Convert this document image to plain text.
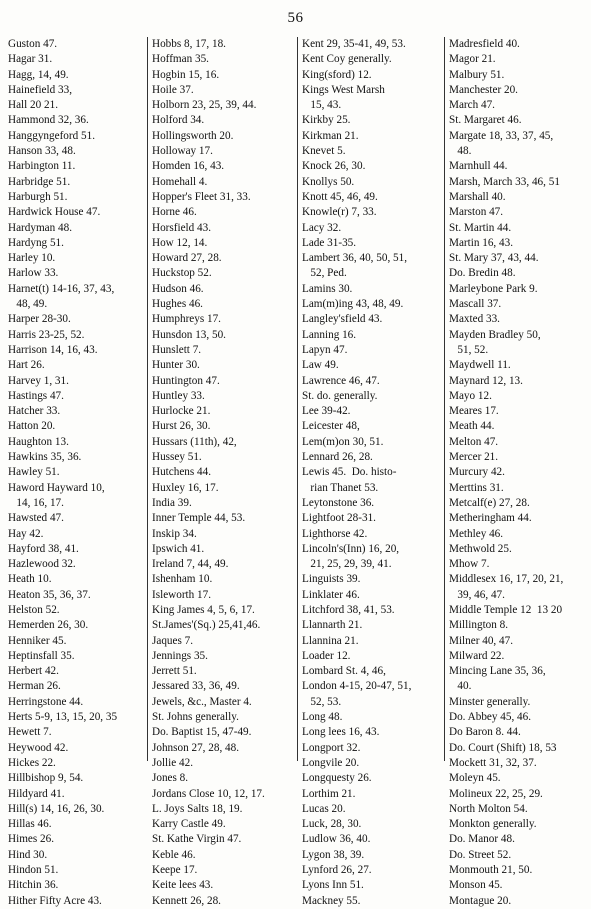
56
Guston 47.
Hagar 31.
Hagg, 14, 49.
Hainefield 33,
Hall 20 21.
Hammond 32, 36.
Hanggyngeford 51.
Hanson 33, 48.
Harbington 11.
Harbridge 51.
Harburgh 51.
Hardwick House 47.
Hardyman 48.
Hardyng 51.
Harley 10.
Harlow 33.
Harnet(t) 14-16, 37, 43,
48, 49.
Harper 28-30.
Harris 23-25, 52.
Harrison 14, 16, 43.
Hart 26.
Harvey 1, 31.
Hastings 47.
Hatcher 33.
Hatton 20.
Haughton 13.
Hawkins 35, 36.
Hawley 51.
Haword Hayward 10,
14, 16, 17.
Hawsted 47.
Hay 42.
Hayford 38, 41.
Hazlewood 32.
Heath 10.
Heaton 35, 36, 37.
Helston 52.
Hemerden 26, 30.
Henniker 45.
Heptinsfall 35.
Herbert 42.
Herman 26.
Herringstone 44.
Herts 5-9, 13, 15, 20, 35
Hewett 7.
Heywood 42.
Hickes 22.
Hillbishop 9, 54.
Hildyard 41.
Hill(s) 14, 16, 26, 30.
Hillas 46.
Himes 26.
Hind 30.
Hindon 51.
Hitchin 36.
Hither Fifty Acre 43.
Hobbs 8, 17, 18.
Hoffman 35.
Hogbin 15, 16.
Hoile 37.
Holborn 23, 25, 39, 44.
Holford 34.
Hollingsworth 20.
Holloway 17.
Homden 16, 43.
Homehall 4.
Hopper's Fleet 31, 33.
Horne 46.
Horsfield 43.
How 12, 14.
Howard 27, 28.
Huckstop 52.
Hudson 46.
Hughes 46.
Humphreys 17.
Hunsdon 13, 50.
Hunslett 7.
Hunter 30.
Huntington 47.
Huntley 33.
Hurlocke 21.
Hurst 26, 30.
Hussars (11th), 42,
Hussey 51.
Hutchens 44.
Huxley 16, 17.
India 39.
Inner Temple 44, 53.
Inskip 34.
Ipswich 41.
Ireland 7, 44, 49.
Ishenham 10.
Isleworth 17.
King James 4, 5, 6, 17.
St.James'(Sq.) 25,41,46.
Jaques 7.
Jennings 35.
Jerrett 51.
Jessared 33, 36, 49.
Jewels, &c., Master 4.
St. Johns generally.
Do. Baptist 15, 47-49.
Johnson 27, 28, 48.
Jollie 42.
Jones 8.
Jordans Close 10, 12, 17.
L. Joys Salts 18, 19.
Karry Castle 49.
St. Kathe Virgin 47.
Keble 46.
Keepe 17.
Keite lees 43.
Kennett 26, 28.
Kent 29, 35-41, 49, 53.
Kent Coy generally.
King(sford) 12.
Kings West Marsh
15, 43.
Kirkby 25.
Kirkman 21.
Knevet 5.
Knock 26, 30.
Knollys 50.
Knott 45, 46, 49.
Knowle(r) 7, 33.
Lacy 32.
Lade 31-35.
Lambert 36, 40, 50, 51,
52, Ped.
Lamins 30.
Lam(m)ing 43, 48, 49.
Langley'sfield 43.
Lanning 16.
Lapyn 47.
Law 49.
Lawrence 46, 47.
St. do. generally.
Lee 39-42.
Leicester 48,
Lem(m)on 30, 51.
Lennard 26, 28.
Lewis 45.  Do. histo-
rian Thanet 53.
Leytonstone 36.
Lightfoot 28-31.
Lighthorse 42.
Lincoln's(Inn) 16, 20,
21, 25, 29, 39, 41.
Linguists 39.
Linklater 46.
Litchford 38, 41, 53.
Llannarth 21.
Llannina 21.
Loader 12.
Lombard St. 4, 46,
London 4-15, 20-47, 51,
52, 53.
Long 48.
Long lees 16, 43.
Longport 32.
Longvile 20.
Longquesty 26.
Lorthim 21.
Lucas 20.
Luck, 28, 30.
Ludlow 36, 40.
Lygon 38, 39.
Lynford 26, 27.
Lyons Inn 51.
Mackney 55.
Madresfield 40.
Magor 21.
Malbury 51.
Manchester 20.
March 47.
St. Margaret 46.
Margate 18, 33, 37, 45,
48.
Marnhull 44.
Marsh, March 33, 46, 51
Marshall 40.
Marston 47.
St. Martin 44.
Martin 16, 43.
St. Mary 37, 43, 44.
Do. Bredin 48.
Marleybone Park 9.
Mascall 37.
Maxted 33.
Mayden Bradley 50,
51, 52.
Maydwell 11.
Maynard 12, 13.
Mayo 12.
Meares 17.
Meath 44.
Melton 47.
Mercer 21.
Murcury 42.
Merttins 31.
Metcalf(e) 27, 28.
Metheringham 44.
Methley 46.
Methwold 25.
Mhow 7.
Middlesex 16, 17, 20, 21,
39, 46, 47.
Middle Temple 12  13 20
Millington 8.
Milner 40, 47.
Milward 22.
Mincing Lane 35, 36,
40.
Minster generally.
Do. Abbey 45, 46.
Do Baron 8. 44.
Do. Court (Shift) 18, 53
Mockett 31, 32, 37.
Moleyn 45.
Molineux 22, 25, 29.
North Molton 54.
Monkton generally.
Do. Manor 48.
Do. Street 52.
Monmouth 21, 50.
Monson 45.
Montague 20.
